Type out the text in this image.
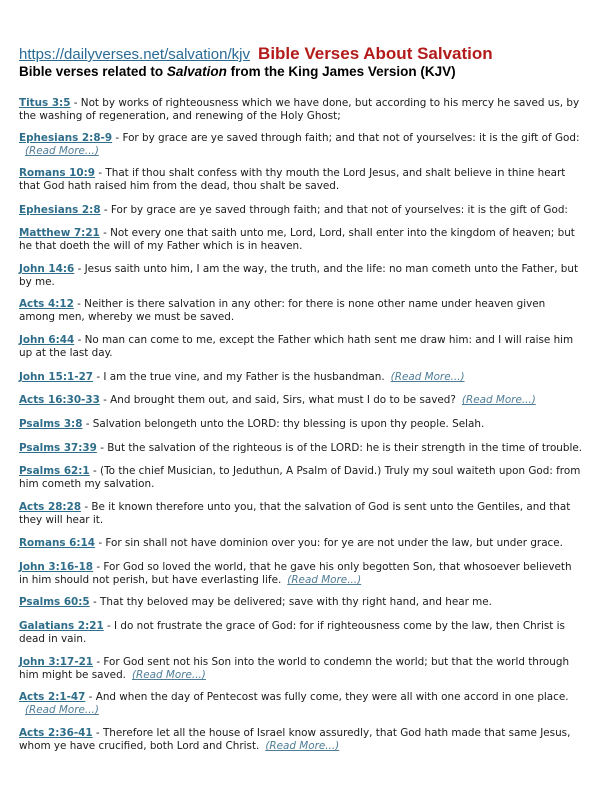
https://dailyverses.net/salvation/kjv Bible Verses About Salvation
Bible verses related to Salvation from the King James Version (KJV)
Titus 3:5 - Not by works of righteousness which we have done, but according to his mercy he saved us, by the washing of regeneration, and renewing of the Holy Ghost;
Ephesians 2:8-9 - For by grace are ye saved through faith; and that not of yourselves: it is the gift of God:(Read More...)
Romans 10:9 - That if thou shalt confess with thy mouth the Lord Jesus, and shalt believe in thine heart that God hath raised him from the dead, thou shalt be saved.
Ephesians 2:8 - For by grace are ye saved through faith; and that not of yourselves: it is the gift of God:
Matthew 7:21 - Not every one that saith unto me, Lord, Lord, shall enter into the kingdom of heaven; but he that doeth the will of my Father which is in heaven.
John 14:6 - Jesus saith unto him, I am the way, the truth, and the life: no man cometh unto the Father, but by me.
Acts 4:12 - Neither is there salvation in any other: for there is none other name under heaven given among men, whereby we must be saved.
John 6:44 - No man can come to me, except the Father which hath sent me draw him: and I will raise him up at the last day.
John 15:1-27 - I am the true vine, and my Father is the husbandman. (Read More...)
Acts 16:30-33 - And brought them out, and said, Sirs, what must I do to be saved? (Read More...)
Psalms 3:8 - Salvation belongeth unto the LORD: thy blessing is upon thy people. Selah.
Psalms 37:39 - But the salvation of the righteous is of the LORD: he is their strength in the time of trouble.
Psalms 62:1 - (To the chief Musician, to Jeduthun, A Psalm of David.) Truly my soul waiteth upon God: from him cometh my salvation.
Acts 28:28 - Be it known therefore unto you, that the salvation of God is sent unto the Gentiles, and that they will hear it.
Romans 6:14 - For sin shall not have dominion over you: for ye are not under the law, but under grace.
John 3:16-18 - For God so loved the world, that he gave his only begotten Son, that whosoever believeth in him should not perish, but have everlasting life. (Read More...)
Psalms 60:5 - That thy beloved may be delivered; save with thy right hand, and hear me.
Galatians 2:21 - I do not frustrate the grace of God: for if righteousness come by the law, then Christ is dead in vain.
John 3:17-21 - For God sent not his Son into the world to condemn the world; but that the world through him might be saved. (Read More...)
Acts 2:1-47 - And when the day of Pentecost was fully come, they were all with one accord in one place.(Read More...)
Acts 2:36-41 - Therefore let all the house of Israel know assuredly, that God hath made that same Jesus, whom ye have crucified, both Lord and Christ. (Read More...)
